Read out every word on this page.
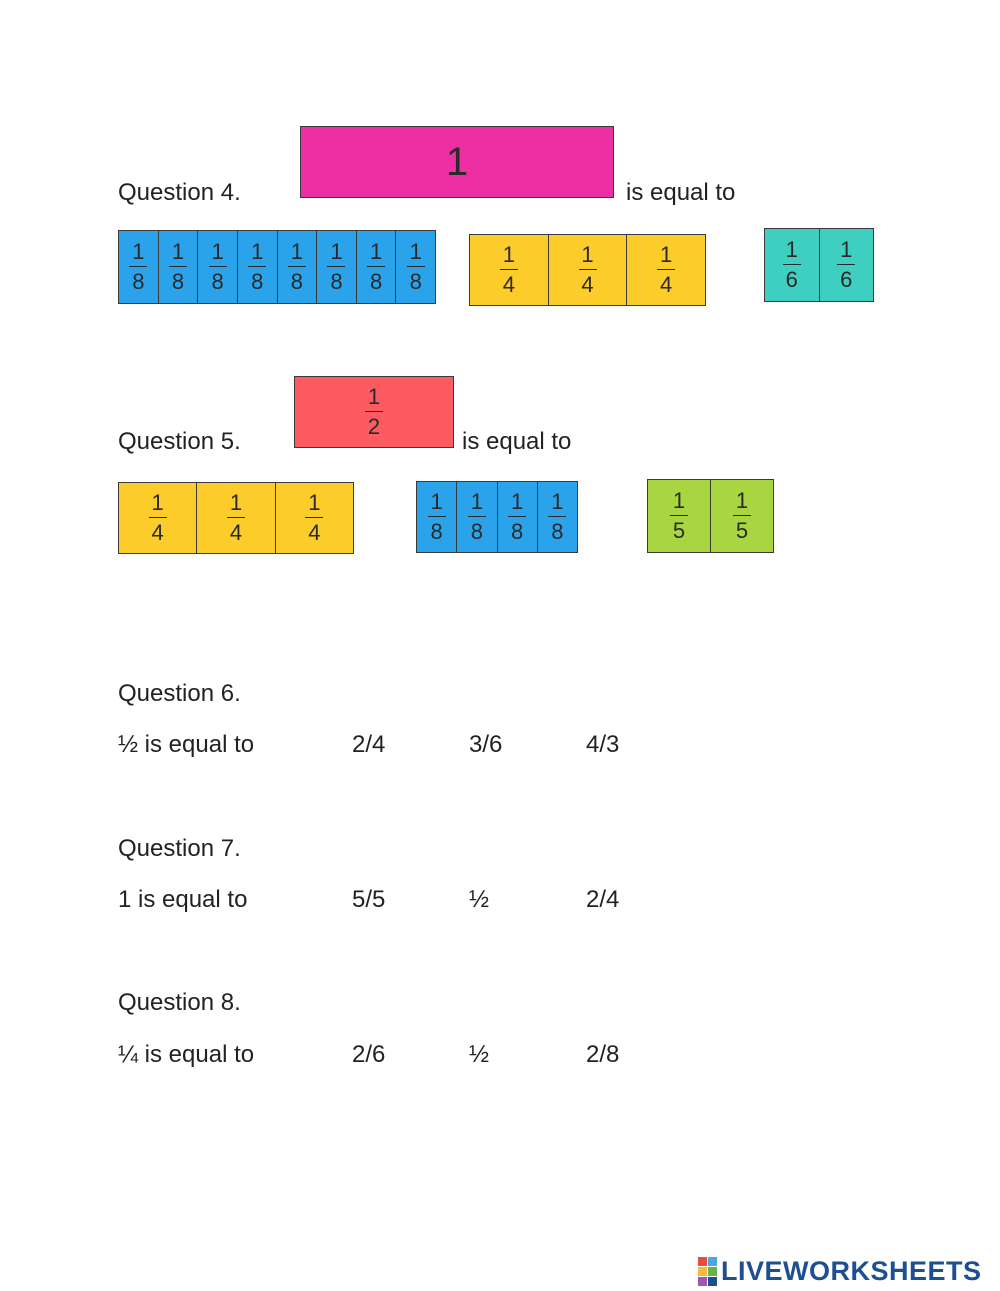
Question 4.
1
is equal to
$\frac{1}{8} \frac{1}{8} \frac{1}{8} \frac{1}{8} \frac{1}{8} \frac{1}{8} \frac{1}{8} \frac{1}{8}$	$\frac{1}{4}$	$\frac{1}{4}$	$\frac{1}{4}$	$\frac{1}{6} \frac{1}{6}$
Question 5.
$\frac{1}{2}$
is equal to
$\frac{1}{4}$	$\frac{1}{4}$	$\frac{1}{4}$	$\frac{1}{8} \frac{1}{8} \frac{1}{8} \frac{1}{8}$	$\frac{1}{5} \frac{1}{5}$
Question 6.
½ is equal to	2/4	3/6	4/3
Question 7.
1 is equal to	5/5	½	2/4
Question 8.
¼ is equal to	2/6	½	2/8
LIVEWORKSHEETS
